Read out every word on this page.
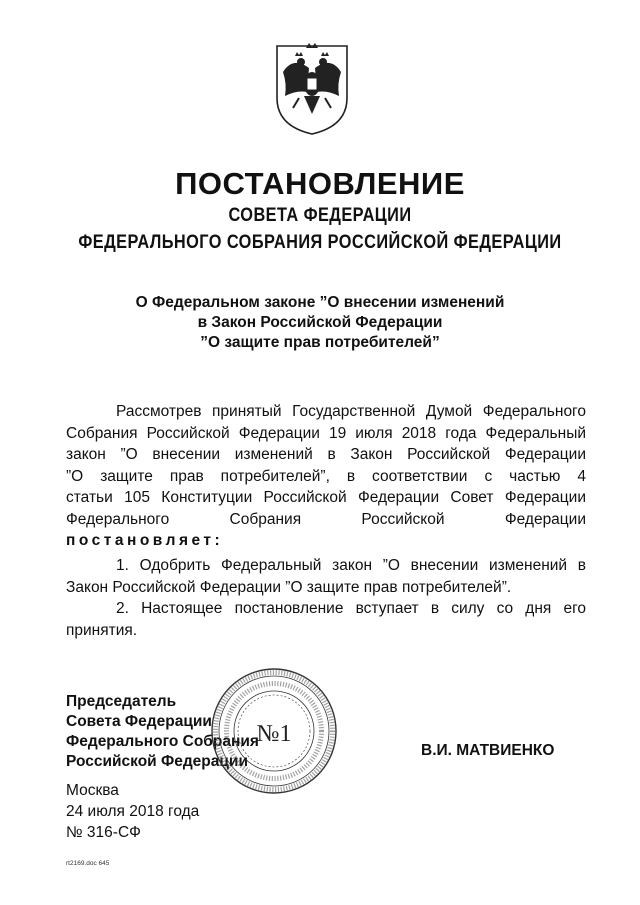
ПОСТАНОВЛЕНИЕ
СОВЕТА ФЕДЕРАЦИИ
ФЕДЕРАЛЬНОГО СОБРАНИЯ РОССИЙСКОЙ ФЕДЕРАЦИИ
О Федеральном законе ”О внесении изменений
в Закон Российской Федерации
”О защите прав потребителей”
Рассмотрев принятый Государственной Думой Федерального
Собрания Российской Федерации 19 июля 2018 года Федеральный
закон ”О внесении изменений в Закон Российской Федерации
”О защите прав потребителей”, в соответствии с частью 4
статьи 105 Конституции Российской Федерации Совет Федерации
Федерального Собрания Российской Федерации
постановляет:
1. Одобрить Федеральный закон ”О внесении изменений в
Закон Российской Федерации ”О защите прав потребителей”.
2. Настоящее постановление вступает в силу со дня его
принятия.
Председатель
Совета Федерации
Федерального Собрания
Российской Федерации
№1
В.И. МАТВИЕНКО
Москва
24 июля 2018 года
№ 316-СФ
rt2169.doc 645
